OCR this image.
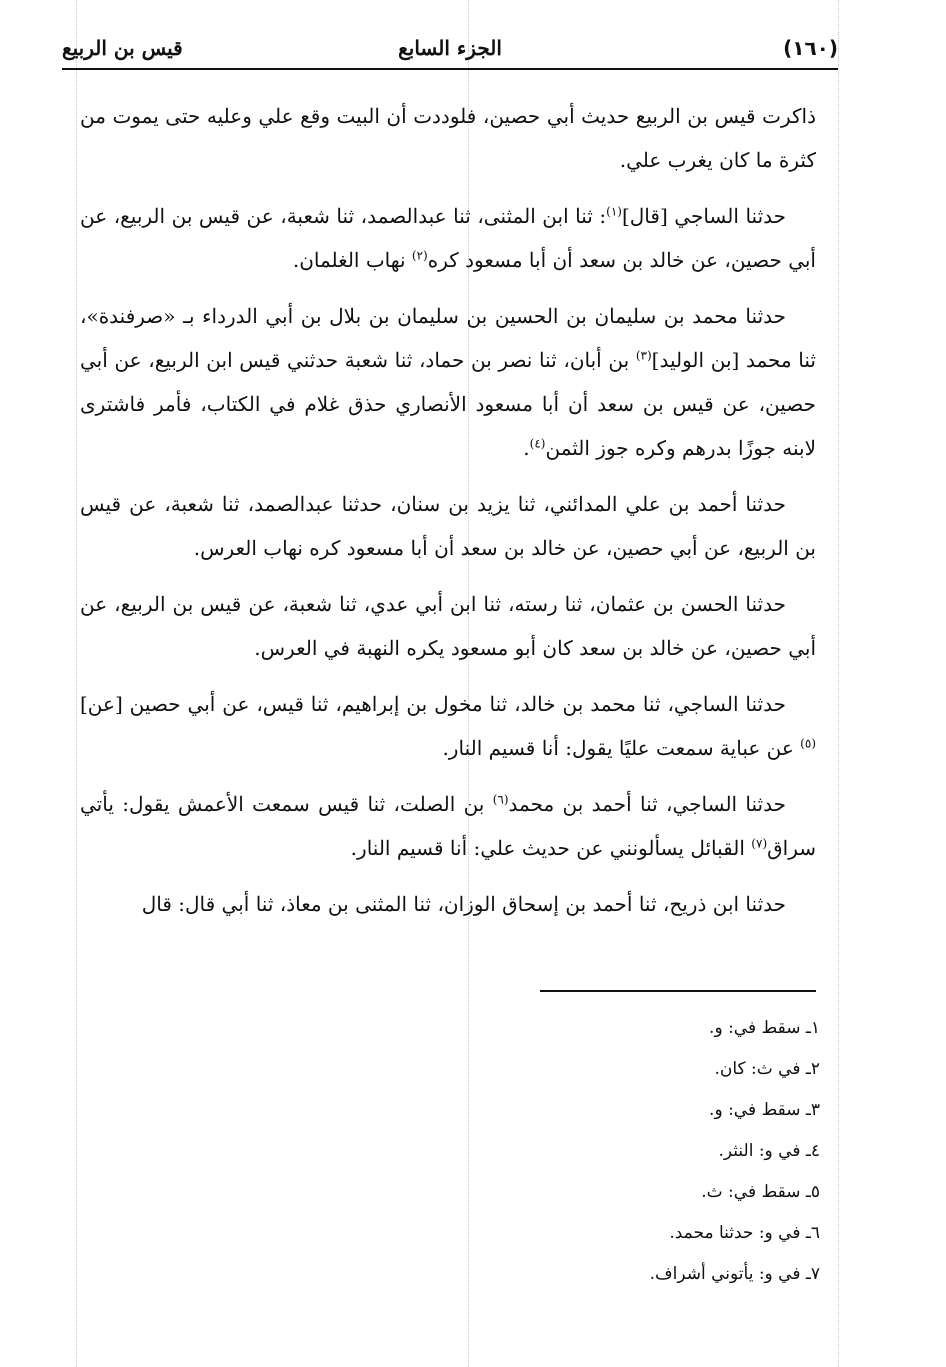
(١٦٠)
الجزء السابع
قيس بن الربيع

ذاكرت قيس بن الربيع حديث أبي حصين، فلوددت أن البيت وقع علي وعليه حتى يموت من كثرة ما كان يغرب علي.

حدثنا الساجي [قال]$^{(١)}$: ثنا ابن المثنى، ثنا عبدالصمد، ثنا شعبة، عن قيس بن الربيع، عن أبي حصين، عن خالد بن سعد أن أبا مسعود كره$^{(٢)}$ نهاب الغلمان.

حدثنا محمد بن سليمان بن الحسين بن سليمان بن بلال بن أبي الدرداء بـ «صرفندة»، ثنا محمد [بن الوليد]$^{(٣)}$ بن أبان، ثنا نصر بن حماد، ثنا شعبة حدثني قيس ابن الربيع، عن أبي حصين، عن قيس بن سعد أن أبا مسعود الأنصاري حذق غلام في الكتاب، فأمر فاشترى لابنه جوزًا بدرهم وكره جوز الثمن$^{(٤)}$.

حدثنا أحمد بن علي المدائني، ثنا يزيد بن سنان، حدثنا عبدالصمد، ثنا شعبة، عن قيس بن الربيع، عن أبي حصين، عن خالد بن سعد أن أبا مسعود كره نهاب العرس.

حدثنا الحسن بن عثمان، ثنا رسته، ثنا ابن أبي عدي، ثنا شعبة، عن قيس بن الربيع، عن أبي حصين، عن خالد بن سعد كان أبو مسعود يكره النهبة في العرس.

حدثنا الساجي، ثنا محمد بن خالد، ثنا مخول بن إبراهيم، ثنا قيس، عن أبي حصين [عن]$^{(٥)}$ عن عباية سمعت عليًا يقول: أنا قسيم النار.

حدثنا الساجي، ثنا أحمد بن محمد$^{(٦)}$ بن الصلت، ثنا قيس سمعت الأعمش يقول: يأتي سراق$^{(٧)}$ القبائل يسألونني عن حديث علي: أنا قسيم النار.

حدثنا ابن ذريح، ثنا أحمد بن إسحاق الوزان، ثنا المثنى بن معاذ، ثنا أبي قال: قال

١ـ سقط في: و.

٢ـ في ث: كان.

٣ـ سقط في: و.

٤ـ في و: النثر.

٥ـ سقط في: ث.

٦ـ في و: حدثنا محمد.

٧ـ في و: يأتوني أشراف.
